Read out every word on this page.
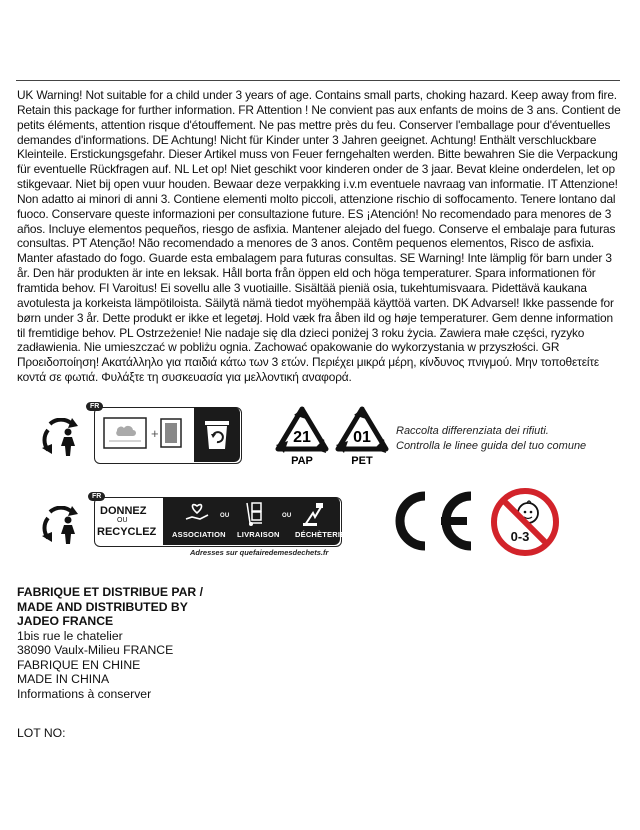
UK Warning! Not suitable for a child under 3 years of age. Contains small parts, choking hazard. Keep away from fire. Retain this package for further information. FR Attention ! Ne convient pas aux enfants de moins de 3 ans. Contient de petits éléments, attention risque d'étouffement. Ne pas mettre près du feu. Conserver l'emballage pour d'éventuelles demandes d'informations. DE Achtung! Nicht für Kinder unter 3 Jahren geeignet. Achtung! Enthält verschluckbare Kleinteile. Erstickungsgefahr. Dieser Artikel muss von Feuer ferngehalten werden. Bitte bewahren Sie die Verpackung für eventuelle Rückfragen auf. NL Let op! Niet geschikt voor kinderen onder de 3 jaar. Bevat kleine onderdelen, let op stikgevaar. Niet bij open vuur houden. Bewaar deze verpakking i.v.m eventuele navraag van informatie. IT Attenzione! Non adatto ai minori di anni 3. Contiene elementi molto piccoli, attenzione rischio di soffocamento. Tenere lontano dal fuoco. Conservare queste informazioni per consultazione future. ES ¡Atención! No recomendado para menores de 3 años. Incluye elementos pequeños, riesgo de asfixia. Mantener alejado del fuego. Conserve el embalaje para futuras consultas. PT Atenção! Não recomendado a menores de 3 anos. Contêm pequenos elementos, Risco de asfixia. Manter afastado do fogo. Guarde esta embalagem para futuras consultas. SE Warning! Inte lämplig för barn under 3 år. Den här produkten är inte en leksak. Håll borta från öppen eld och höga temperaturer. Spara informationen för framtida behov. FI Varoitus! Ei sovellu alle 3 vuotiaille. Sisältää pieniä osia, tukehtumisvaara. Pidettävä kaukana avotulesta ja korkeista lämpötiloista. Säilytä nämä tiedot myöhempää käyttöä varten. DK Advarsel! Ikke passende for børn under 3 år. Dette produkt er ikke et legetøj. Hold væk fra åben ild og høje temperaturer. Gem denne information til fremtidige behov. PL Ostrzeżenie! Nie nadaje się dla dzieci poniżej 3 roku życia. Zawiera małe części, ryzyko zadławienia. Nie umieszczać w pobliżu ognia. Zachować opakowanie do wykorzystania w przyszłości. GR Προειδοποίηση! Ακατάλληλο για παιδιά κάτω των 3 ετών. Περιέχει μικρά μέρη, κίνδυνος πνιγμού. Μην τοποθετείτε κοντά σε φωτιά. Φυλάξτε τη συσκευασία για μελλοντική αναφορά.
FR
+	21
PAP
01
PET
Raccolta differenziata dei rifiuti.
Controlla le linee guida del tuo comune
FR
DONNEZ
OU
RECYCLEZ ASSOCIATION
OU
LIVRAISON
OU
DÉCHÈTERIE
Adresses sur quefairedemesdechets.fr
0-3
FABRIQUE ET DISTRIBUE PAR /
MADE AND DISTRIBUTED BY
JADEO FRANCE
1bis rue le chatelier
38090 Vaulx-Milieu FRANCE
FABRIQUE EN CHINE
MADE IN CHINA
Informations à conserver
LOT NO:
